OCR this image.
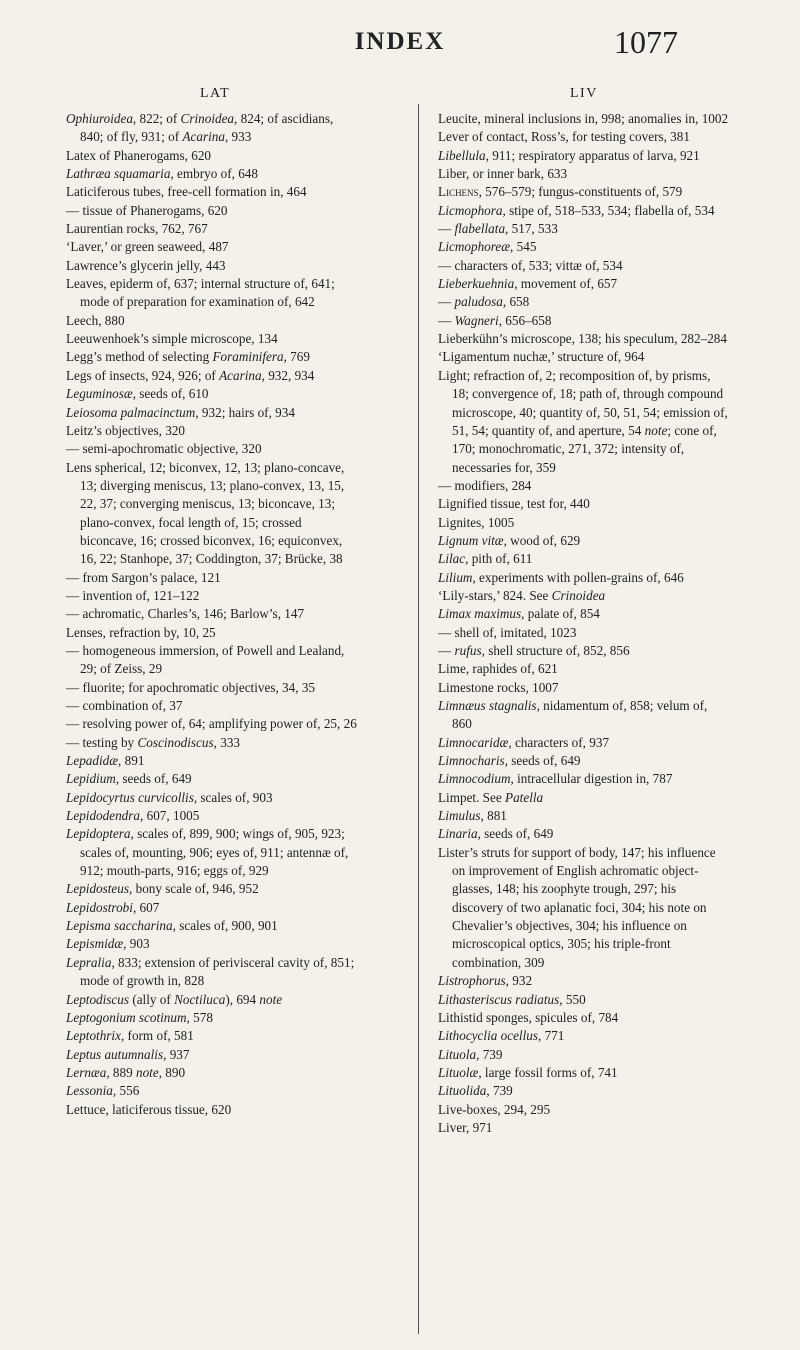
INDEX	1077
LAT	LIV
Ophiuroidea, 822; of Crinoidea, 824; of ascidians, 840; of fly, 931; of Acarina, 933
Latex of Phanerogams, 620
Lathræa squamaria, embryo of, 648
Laticiferous tubes, free-cell formation in, 464
— tissue of Phanerogams, 620
Laurentian rocks, 762, 767
‘Laver,’ or green seaweed, 487
Lawrence’s glycerin jelly, 443
Leaves, epiderm of, 637; internal structure of, 641; mode of preparation for examination of, 642
Leech, 880
Leeuwenhoek’s simple microscope, 134
Legg’s method of selecting Foraminifera, 769
Legs of insects, 924, 926; of Acarina, 932, 934
Leguminosæ, seeds of, 610
Leiosoma palmacinctum, 932; hairs of, 934
Leitz’s objectives, 320
— semi-apochromatic objective, 320
Lens spherical, 12; biconvex, 12, 13; plano-concave, 13; diverging meniscus, 13; plano-convex, 13, 15, 22, 37; converging meniscus, 13; biconcave, 13; plano-convex, focal length of, 15; crossed biconcave, 16; crossed biconvex, 16; equiconvex, 16, 22; Stanhope, 37; Coddington, 37; Brücke, 38
— from Sargon’s palace, 121
— invention of, 121–122
— achromatic, Charles’s, 146; Barlow’s, 147
Lenses, refraction by, 10, 25
— homogeneous immersion, of Powell and Lealand, 29; of Zeiss, 29
— fluorite; for apochromatic objectives, 34, 35
— combination of, 37
— resolving power of, 64; amplifying power of, 25, 26
— testing by Coscinodiscus, 333
Lepadidæ, 891
Lepidium, seeds of, 649
Lepidocyrtus curvicollis, scales of, 903
Lepidodendra, 607, 1005
Lepidoptera, scales of, 899, 900; wings of, 905, 923; scales of, mounting, 906; eyes of, 911; antennæ of, 912; mouth-parts, 916; eggs of, 929
Lepidosteus, bony scale of, 946, 952
Lepidostrobi, 607
Lepisma saccharina, scales of, 900, 901
Lepismidæ, 903
Lepralia, 833; extension of perivisceral cavity of, 851; mode of growth in, 828
Leptodiscus (ally of Noctiluca), 694 note
Leptogonium scotinum, 578
Leptothrix, form of, 581
Leptus autumnalis, 937
Lernæa, 889 note, 890
Lessonia, 556
Lettuce, laticiferous tissue, 620
Leucite, mineral inclusions in, 998; anomalies in, 1002
Lever of contact, Ross’s, for testing covers, 381
Libellula, 911; respiratory apparatus of larva, 921
Liber, or inner bark, 633
Lichens, 576–579; fungus-constituents of, 579
Licmophora, stipe of, 518–533, 534; flabella of, 534
— flabellata, 517, 533
Licmophoreæ, 545
— characters of, 533; vittæ of, 534
Lieberkuehnia, movement of, 657
— paludosa, 658
— Wagneri, 656–658
Lieberkühn’s microscope, 138; his speculum, 282–284
‘Ligamentum nuchæ,’ structure of, 964
Light; refraction of, 2; recomposition of, by prisms, 18; convergence of, 18; path of, through compound microscope, 40; quantity of, 50, 51, 54; emission of, 51, 54; quantity of, and aperture, 54 note; cone of, 170; monochromatic, 271, 372; intensity of, necessaries for, 359
— modifiers, 284
Lignified tissue, test for, 440
Lignites, 1005
Lignum vitæ, wood of, 629
Lilac, pith of, 611
Lilium, experiments with pollen-grains of, 646
‘Lily-stars,’ 824. See Crinoidea
Limax maximus, palate of, 854
— shell of, imitated, 1023
— rufus, shell structure of, 852, 856
Lime, raphides of, 621
Limestone rocks, 1007
Limnæus stagnalis, nidamentum of, 858; velum of, 860
Limnocaridæ, characters of, 937
Limnocharis, seeds of, 649
Limnocodium, intracellular digestion in, 787
Limpet. See Patella
Limulus, 881
Linaria, seeds of, 649
Lister’s struts for support of body, 147; his influence on improvement of English achromatic object-glasses, 148; his zoophyte trough, 297; his discovery of two aplanatic foci, 304; his note on Chevalier’s objectives, 304; his influence on microscopical optics, 305; his triple-front combination, 309
Listrophorus, 932
Lithasteriscus radiatus, 550
Lithistid sponges, spicules of, 784
Lithocyclia ocellus, 771
Lituola, 739
Lituolæ, large fossil forms of, 741
Lituolida, 739
Live-boxes, 294, 295
Liver, 971
